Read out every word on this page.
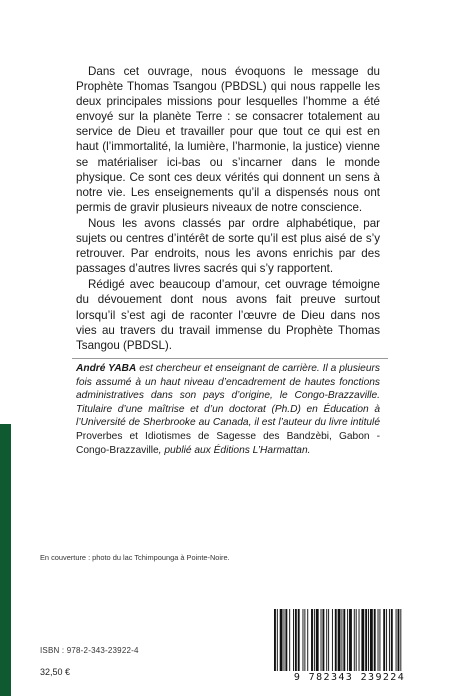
Dans cet ouvrage, nous évoquons le message du Prophète Thomas Tsangou (PBDSL) qui nous rappelle les deux principales missions pour lesquelles l’homme a été envoyé sur la planète Terre : se consacrer totalement au service de Dieu et travailler pour que tout ce qui est en haut (l’immortalité, la lumière, l’harmonie, la justice) vienne se matérialiser ici-bas ou s’incarner dans le monde physique. Ce sont ces deux vérités qui donnent un sens à notre vie. Les enseignements qu’il a dispensés nous ont permis de gravir plusieurs niveaux de notre conscience.

Nous les avons classés par ordre alphabétique, par sujets ou centres d’intérêt de sorte qu’il est plus aisé de s’y retrouver. Par endroits, nous les avons enrichis par des passages d’autres livres sacrés qui s’y rapportent.

Rédigé avec beaucoup d’amour, cet ouvrage témoigne du dévouement dont nous avons fait preuve surtout lorsqu’il s’est agi de raconter l’œuvre de Dieu dans nos vies au travers du travail immense du Prophète Thomas Tsangou (PBDSL).

André YABA est chercheur et enseignant de carrière. Il a plusieurs fois assumé à un haut niveau d’encadrement de hautes fonctions administratives dans son pays d’origine, le Congo-Brazzaville. Titulaire d’une maîtrise et d’un doctorat (Ph.D) en Éducation à l’Université de Sherbrooke au Canada, il est l’auteur du livre intitulé Proverbes et Idiotismes de Sagesse des Bandzèbi, Gabon - Congo-Brazzaville, publié aux Éditions L’Harmattan.
En couverture : photo du lac Tchimpounga à Pointe-Noire.
ISBN : 978-2-343-23922-4
32,50 €	9 782343 239224
